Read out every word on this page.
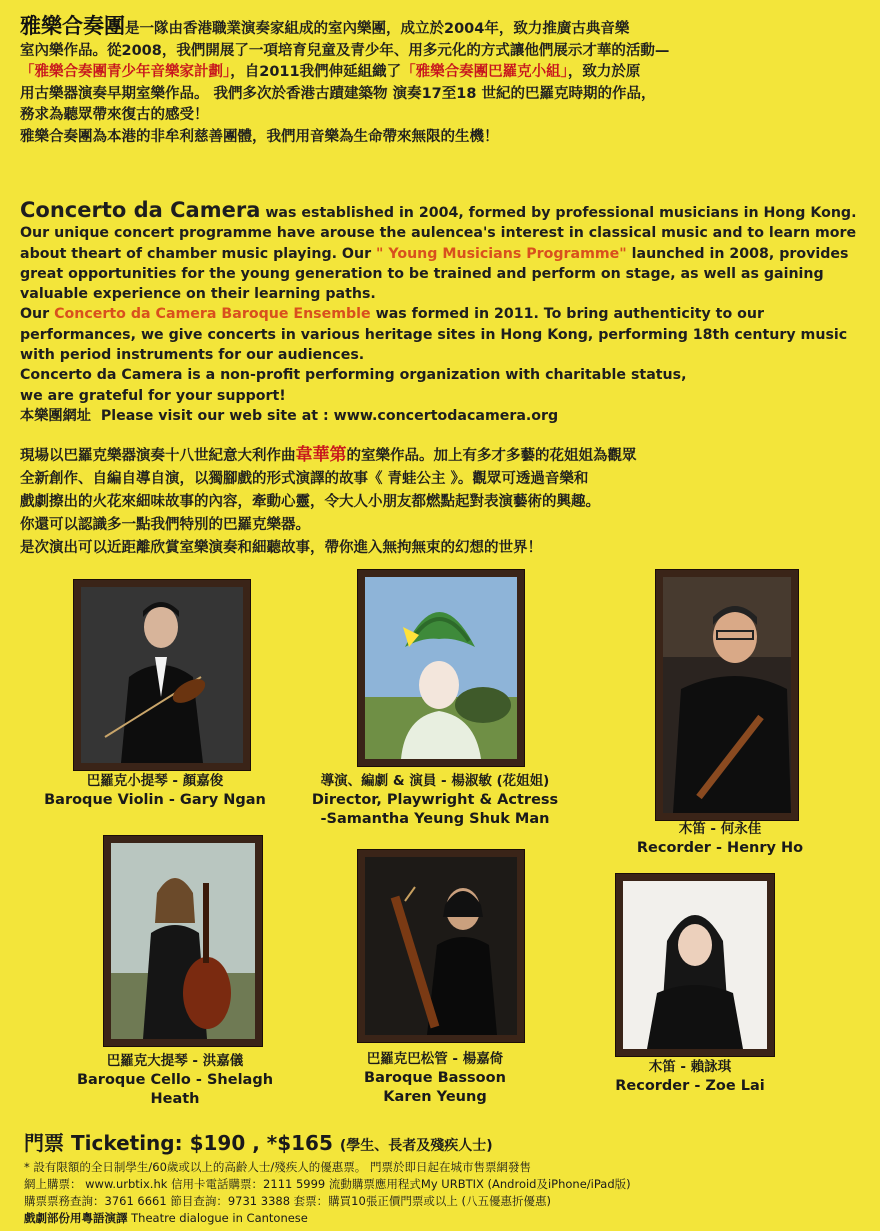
雅樂合奏團是一隊由香港職業演奏家組成的室內樂團，成立於2004年，致力推廣古典音樂
室內樂作品。從2008，我們開展了一項培育兒童及青少年、用多元化的方式讓他們展示才華的活動—
「雅樂合奏團青少年音樂家計劃」，自2011我們伸延組織了「雅樂合奏團巴羅克小組」，致力於原
用古樂器演奏早期室樂作品。 我們多次於香港古蹟建築物 演奏17至18 世紀的巴羅克時期的作品，
務求為聽眾帶來復古的感受！
雅樂合奏團為本港的非牟利慈善團體，我們用音樂為生命帶來無限的生機！
Concerto da Camera was established in 2004, formed by professional musicians in Hong Kong. Our unique concert programme have arouse the aulencea's interest in classical music and to learn more about theart of chamber music playing. Our " Young Musicians Programme" launched in 2008, provides great opportunities for the young generation to be trained and perform on stage, as well as gaining valuable experience on their learning paths.
Our Concerto da Camera Baroque Ensemble was formed in 2011. To bring authenticity to our performances, we give concerts in various heritage sites in Hong Kong, performing 18th century music with period instruments for our audiences.
Concerto da Camera is a non-profit performing organization with charitable status,
we are grateful for your support!
本樂團網址 Please visit our web site at : www.concertodacamera.org
現場以巴羅克樂器演奏十八世紀意大利作曲韋華第的室樂作品。加上有多才多藝的花姐姐為觀眾
全新創作、自編自導自演，以獨腳戲的形式演譯的故事《 青蛙公主 》。觀眾可透過音樂和
戲劇擦出的火花來細味故事的內容，牽動心靈，令大人小朋友都燃點起對表演藝術的興趣。
你還可以認識多一點我們特別的巴羅克樂器。
是次演出可以近距離欣賞室樂演奏和細聽故事，帶你進入無拘無束的幻想的世界！
巴羅克小提琴 - 顏嘉俊
Baroque Violin - Gary Ngan
導演、編劇 & 演員 - 楊淑敏 (花姐姐)
Director, Playwright & Actress
-Samantha Yeung Shuk Man
木笛 - 何永佳
Recorder - Henry Ho
巴羅克大提琴 - 洪嘉儀
Baroque Cello - Shelagh Heath
巴羅克巴松管 - 楊嘉倚
Baroque Bassoon
Karen Yeung
木笛 - 賴詠琪
Recorder - Zoe Lai
門票 Ticketing: $190 , *$165 (學生、長者及殘疾人士)
* 設有限額的全日制學生/60歲或以上的高齡人士/殘疾人的優惠票。 門票於即日起在城市售票網發售
網上購票： www.urbtix.hk 信用卡電話購票：2111 5999 流動購票應用程式My URBTIX (Android及iPhone/iPad版)
購票票務查詢：3761 6661 節目查詢：9731 3388 套票：購買10張正價門票或以上 (八五優惠折優惠)
戲劇部份用粵語演譯 Theatre dialogue in Cantonese
